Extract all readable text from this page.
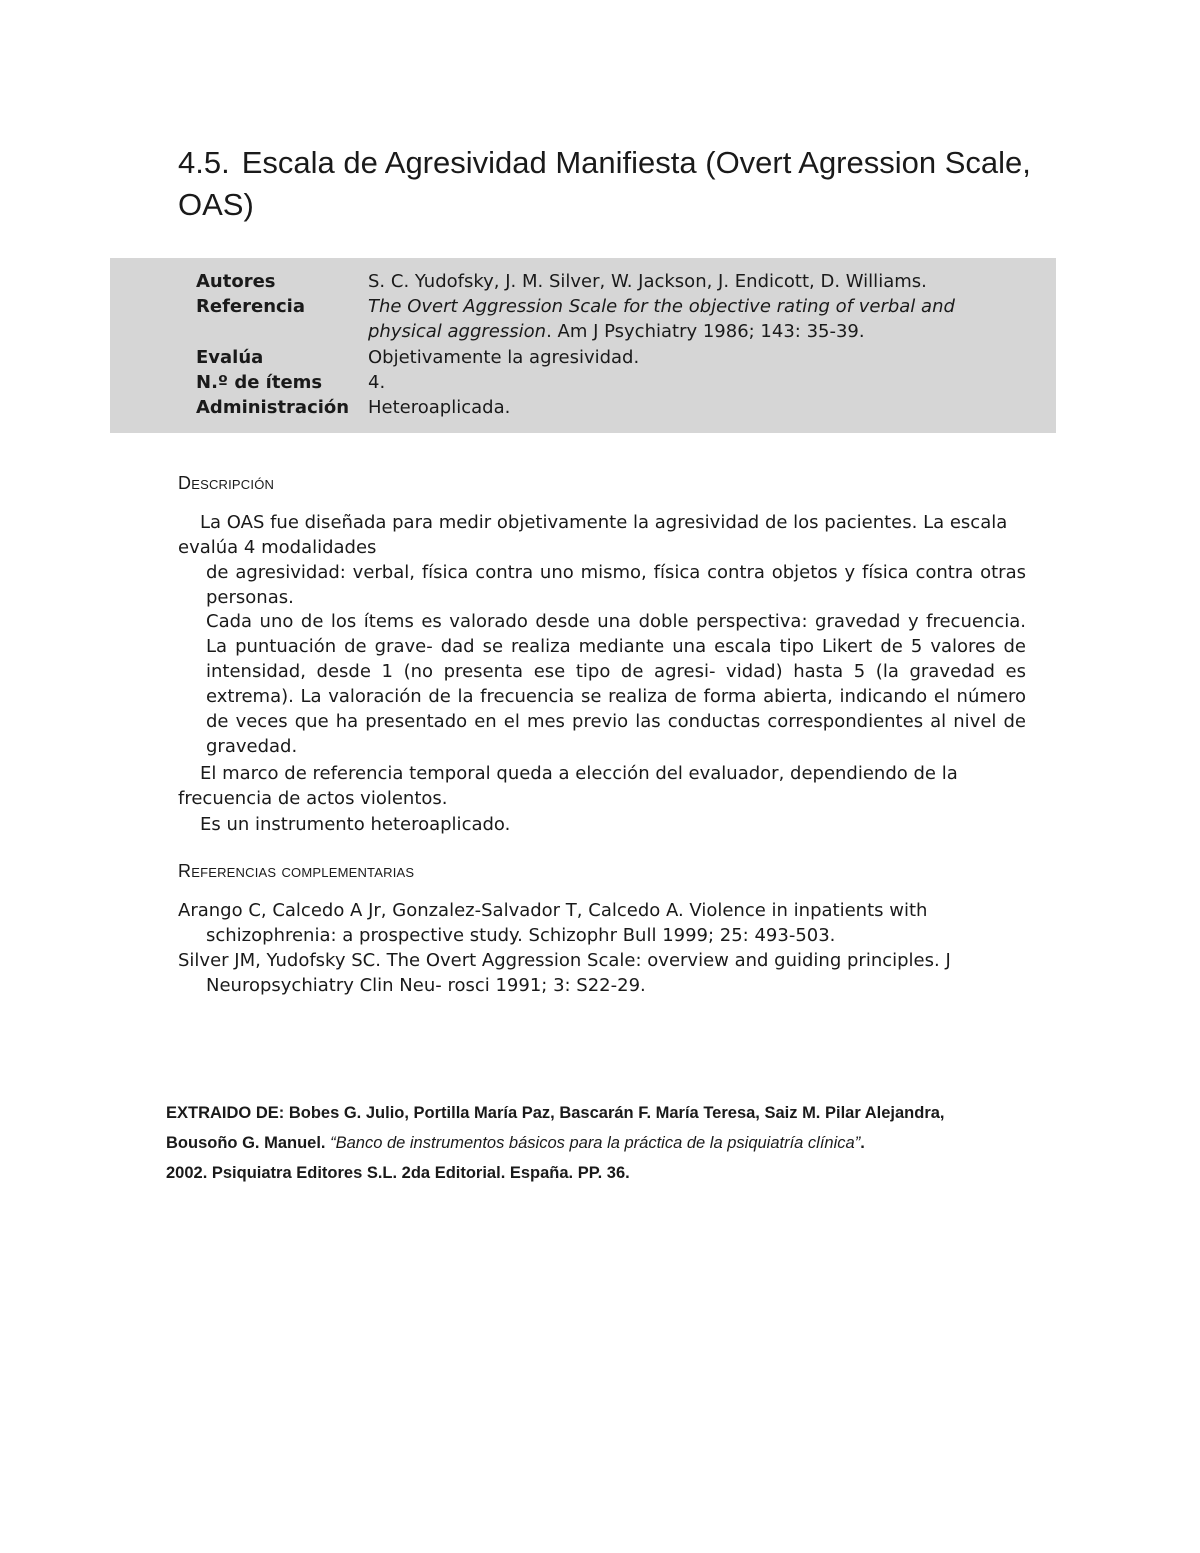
4.5. Escala de Agresividad Manifiesta (Overt Agression Scale, OAS)
Autores	S. C. Yudofsky, J. M. Silver, W. Jackson, J. Endicott, D. Williams.
Referencia	The Overt Aggression Scale for the objective rating of verbal and physical aggression. Am J Psychiatry 1986; 143: 35-39.
Evalúa	Objetivamente la agresividad.
N.º de ítems	4.
Administración	Heteroaplicada.
Descripción

La OAS fue diseñada para medir objetivamente la agresividad de los pacientes. La escala evalúa 4 modalidades

de agresividad: verbal, física contra uno mismo, física contra objetos y física contra otras personas.

Cada uno de los ítems es valorado desde una doble perspectiva: gravedad y frecuencia. La puntuación de grave- dad se realiza mediante una escala tipo Likert de 5 valores de intensidad, desde 1 (no presenta ese tipo de agresi- vidad) hasta 5 (la gravedad es extrema). La valoración de la frecuencia se realiza de forma abierta, indicando el número de veces que ha presentado en el mes previo las conductas correspondientes al nivel de gravedad.

El marco de referencia temporal queda a elección del evaluador, dependiendo de la frecuencia de actos violentos.

Es un instrumento heteroaplicado.

Referencias complementarias
Arango C, Calcedo A Jr, Gonzalez-Salvador T, Calcedo A. Violence in inpatients with
schizophrenia: a prospective study. Schizophr Bull 1999; 25: 493-503.
Silver JM, Yudofsky SC. The Overt Aggression Scale: overview and guiding principles. J
Neuropsychiatry Clin Neu- rosci 1991; 3: S22-29.
EXTRAIDO DE: Bobes G. Julio, Portilla María Paz, Bascarán F. María Teresa, Saiz M. Pilar Alejandra,
Bousoño G. Manuel. “Banco de instrumentos básicos para la práctica de la psiquiatría clínica”.
2002. Psiquiatra Editores S.L. 2da Editorial. España. PP. 36.
